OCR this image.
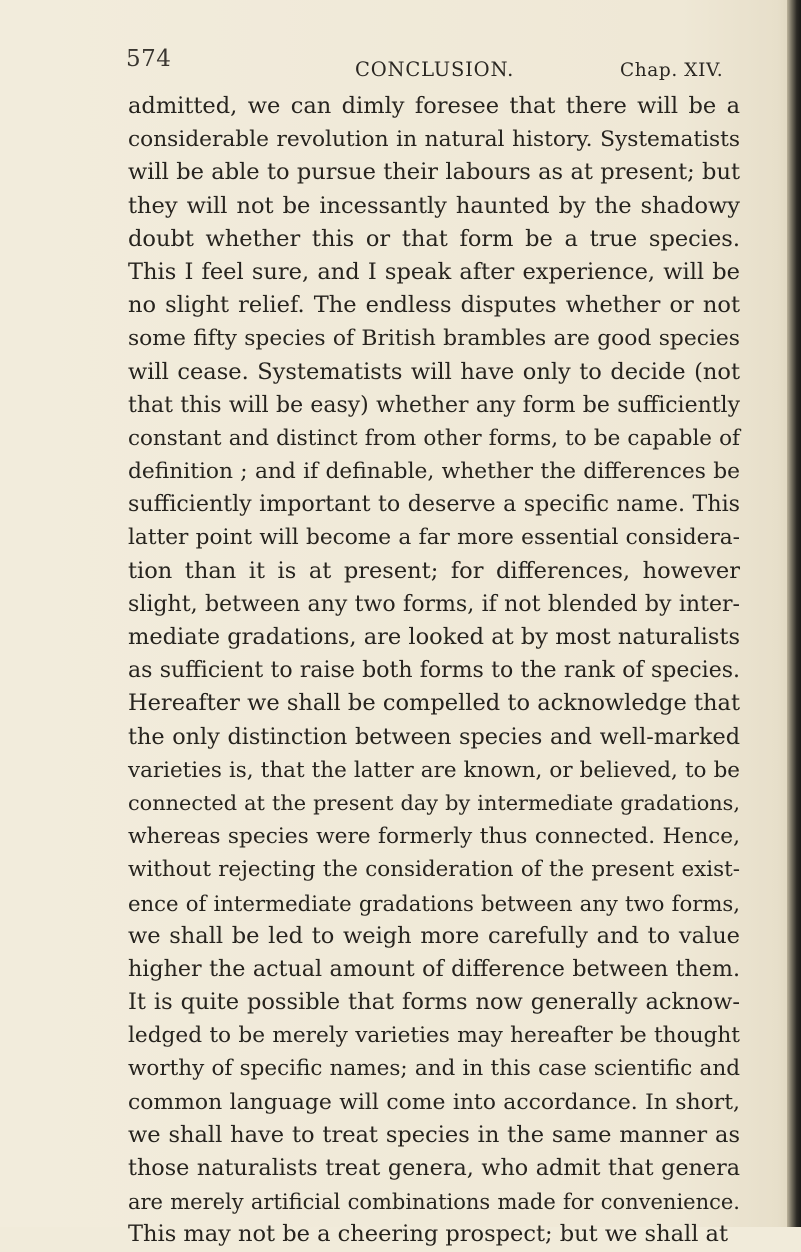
574	CONCLUSION.	Chap. XIV.
admitted, we can dimly foresee that there will be a
considerable revolution in natural history. Systematists
will be able to pursue their labours as at present; but
they will not be incessantly haunted by the shadowy
doubt whether this or that form be a true species.
This I feel sure, and I speak after experience, will be
no slight relief. The endless disputes whether or not
some fifty species of British brambles are good species
will cease. Systematists will have only to decide (not
that this will be easy) whether any form be sufficiently
constant and distinct from other forms, to be capable of
definition ; and if definable, whether the differences be
sufficiently important to deserve a specific name. This
latter point will become a far more essential considera-
tion than it is at present; for differences, however
slight, between any two forms, if not blended by inter-
mediate gradations, are looked at by most naturalists
as sufficient to raise both forms to the rank of species.
Hereafter we shall be compelled to acknowledge that
the only distinction between species and well-marked
varieties is, that the latter are known, or believed, to be
connected at the present day by intermediate gradations,
whereas species were formerly thus connected. Hence,
without rejecting the consideration of the present exist-
ence of intermediate gradations between any two forms,
we shall be led to weigh more carefully and to value
higher the actual amount of difference between them.
It is quite possible that forms now generally acknow-
ledged to be merely varieties may hereafter be thought
worthy of specific names; and in this case scientific and
common language will come into accordance. In short,
we shall have to treat species in the same manner as
those naturalists treat genera, who admit that genera
are merely artificial combinations made for convenience.
This may not be a cheering prospect; but we shall at
